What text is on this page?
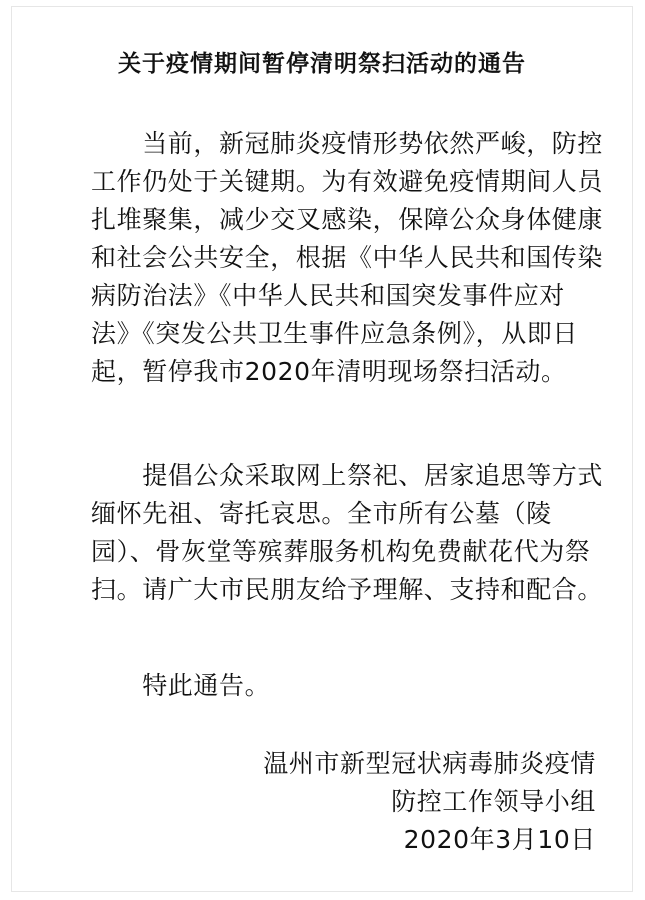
关于疫情期间暂停清明祭扫活动的通告

　　当前，新冠肺炎疫情形势依然严峻，防控
工作仍处于关键期。为有效避免疫情期间人员
扎堆聚集，减少交叉感染，保障公众身体健康
和社会公共安全，根据《中华人民共和国传染
病防治法》《中华人民共和国突发事件应对
法》《突发公共卫生事件应急条例》，从即日
起，暂停我市2020年清明现场祭扫活动。

　　提倡公众采取网上祭祀、居家追思等方式
缅怀先祖、寄托哀思。全市所有公墓（陵
园）、骨灰堂等殡葬服务机构免费献花代为祭
扫。请广大市民朋友给予理解、支持和配合。

　　特此通告。

温州市新型冠状病毒肺炎疫情
防控工作领导小组
2020年3月10日
